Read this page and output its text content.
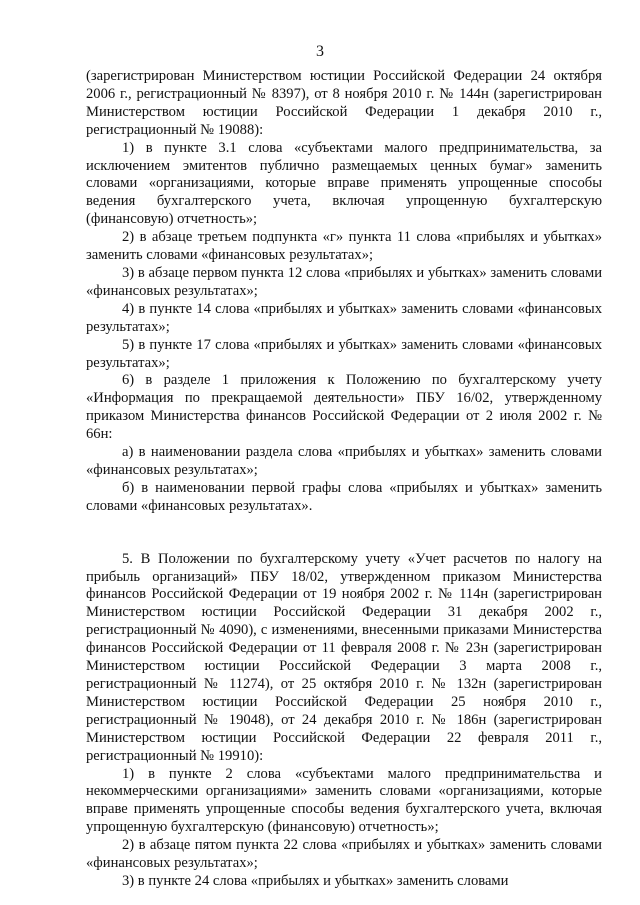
3

(зарегистрирован Министерством юстиции Российской Федерации 24 октября 2006 г., регистрационный № 8397), от 8 ноября 2010 г. № 144н (зарегистрирован Министерством юстиции Российской Федерации 1 декабря 2010 г., регистрационный № 19088):

1) в пункте 3.1 слова «субъектами малого предпринимательства, за исключением эмитентов публично размещаемых ценных бумаг» заменить словами «организациями, которые вправе применять упрощенные способы ведения бухгалтерского учета, включая упрощенную бухгалтерскую (финансовую) отчетность»;

2) в абзаце третьем подпункта «г» пункта 11 слова «прибылях и убытках» заменить словами «финансовых результатах»;

3) в абзаце первом пункта 12 слова «прибылях и убытках» заменить словами «финансовых результатах»;

4) в пункте 14 слова «прибылях и убытках» заменить словами «финансовых результатах»;

5) в пункте 17 слова «прибылях и убытках» заменить словами «финансовых результатах»;

6) в разделе 1 приложения к Положению по бухгалтерскому учету «Информация по прекращаемой деятельности» ПБУ 16/02, утвержденному приказом Министерства финансов Российской Федерации от 2 июля 2002 г. № 66н:

а) в наименовании раздела слова «прибылях и убытках» заменить словами «финансовых результатах»;

б) в наименовании первой графы слова «прибылях и убытках» заменить словами «финансовых результатах».

5. В Положении по бухгалтерскому учету «Учет расчетов по налогу на прибыль организаций» ПБУ 18/02, утвержденном приказом Министерства финансов Российской Федерации от 19 ноября 2002 г. № 114н (зарегистрирован Министерством юстиции Российской Федерации 31 декабря 2002 г., регистрационный № 4090), с изменениями, внесенными приказами Министерства финансов Российской Федерации от 11 февраля 2008 г. № 23н (зарегистрирован Министерством юстиции Российской Федерации 3 марта 2008 г., регистрационный № 11274), от 25 октября 2010 г. № 132н (зарегистрирован Министерством юстиции Российской Федерации 25 ноября 2010 г., регистрационный № 19048), от 24 декабря 2010 г. № 186н (зарегистрирован Министерством юстиции Российской Федерации 22 февраля 2011 г., регистрационный № 19910):

1) в пункте 2 слова «субъектами малого предпринимательства и некоммерческими организациями» заменить словами «организациями, которые вправе применять упрощенные способы ведения бухгалтерского учета, включая упрощенную бухгалтерскую (финансовую) отчетность»;

2) в абзаце пятом пункта 22 слова «прибылях и убытках» заменить словами «финансовых результатах»;

3) в пункте 24 слова «прибылях и убытках» заменить словами
